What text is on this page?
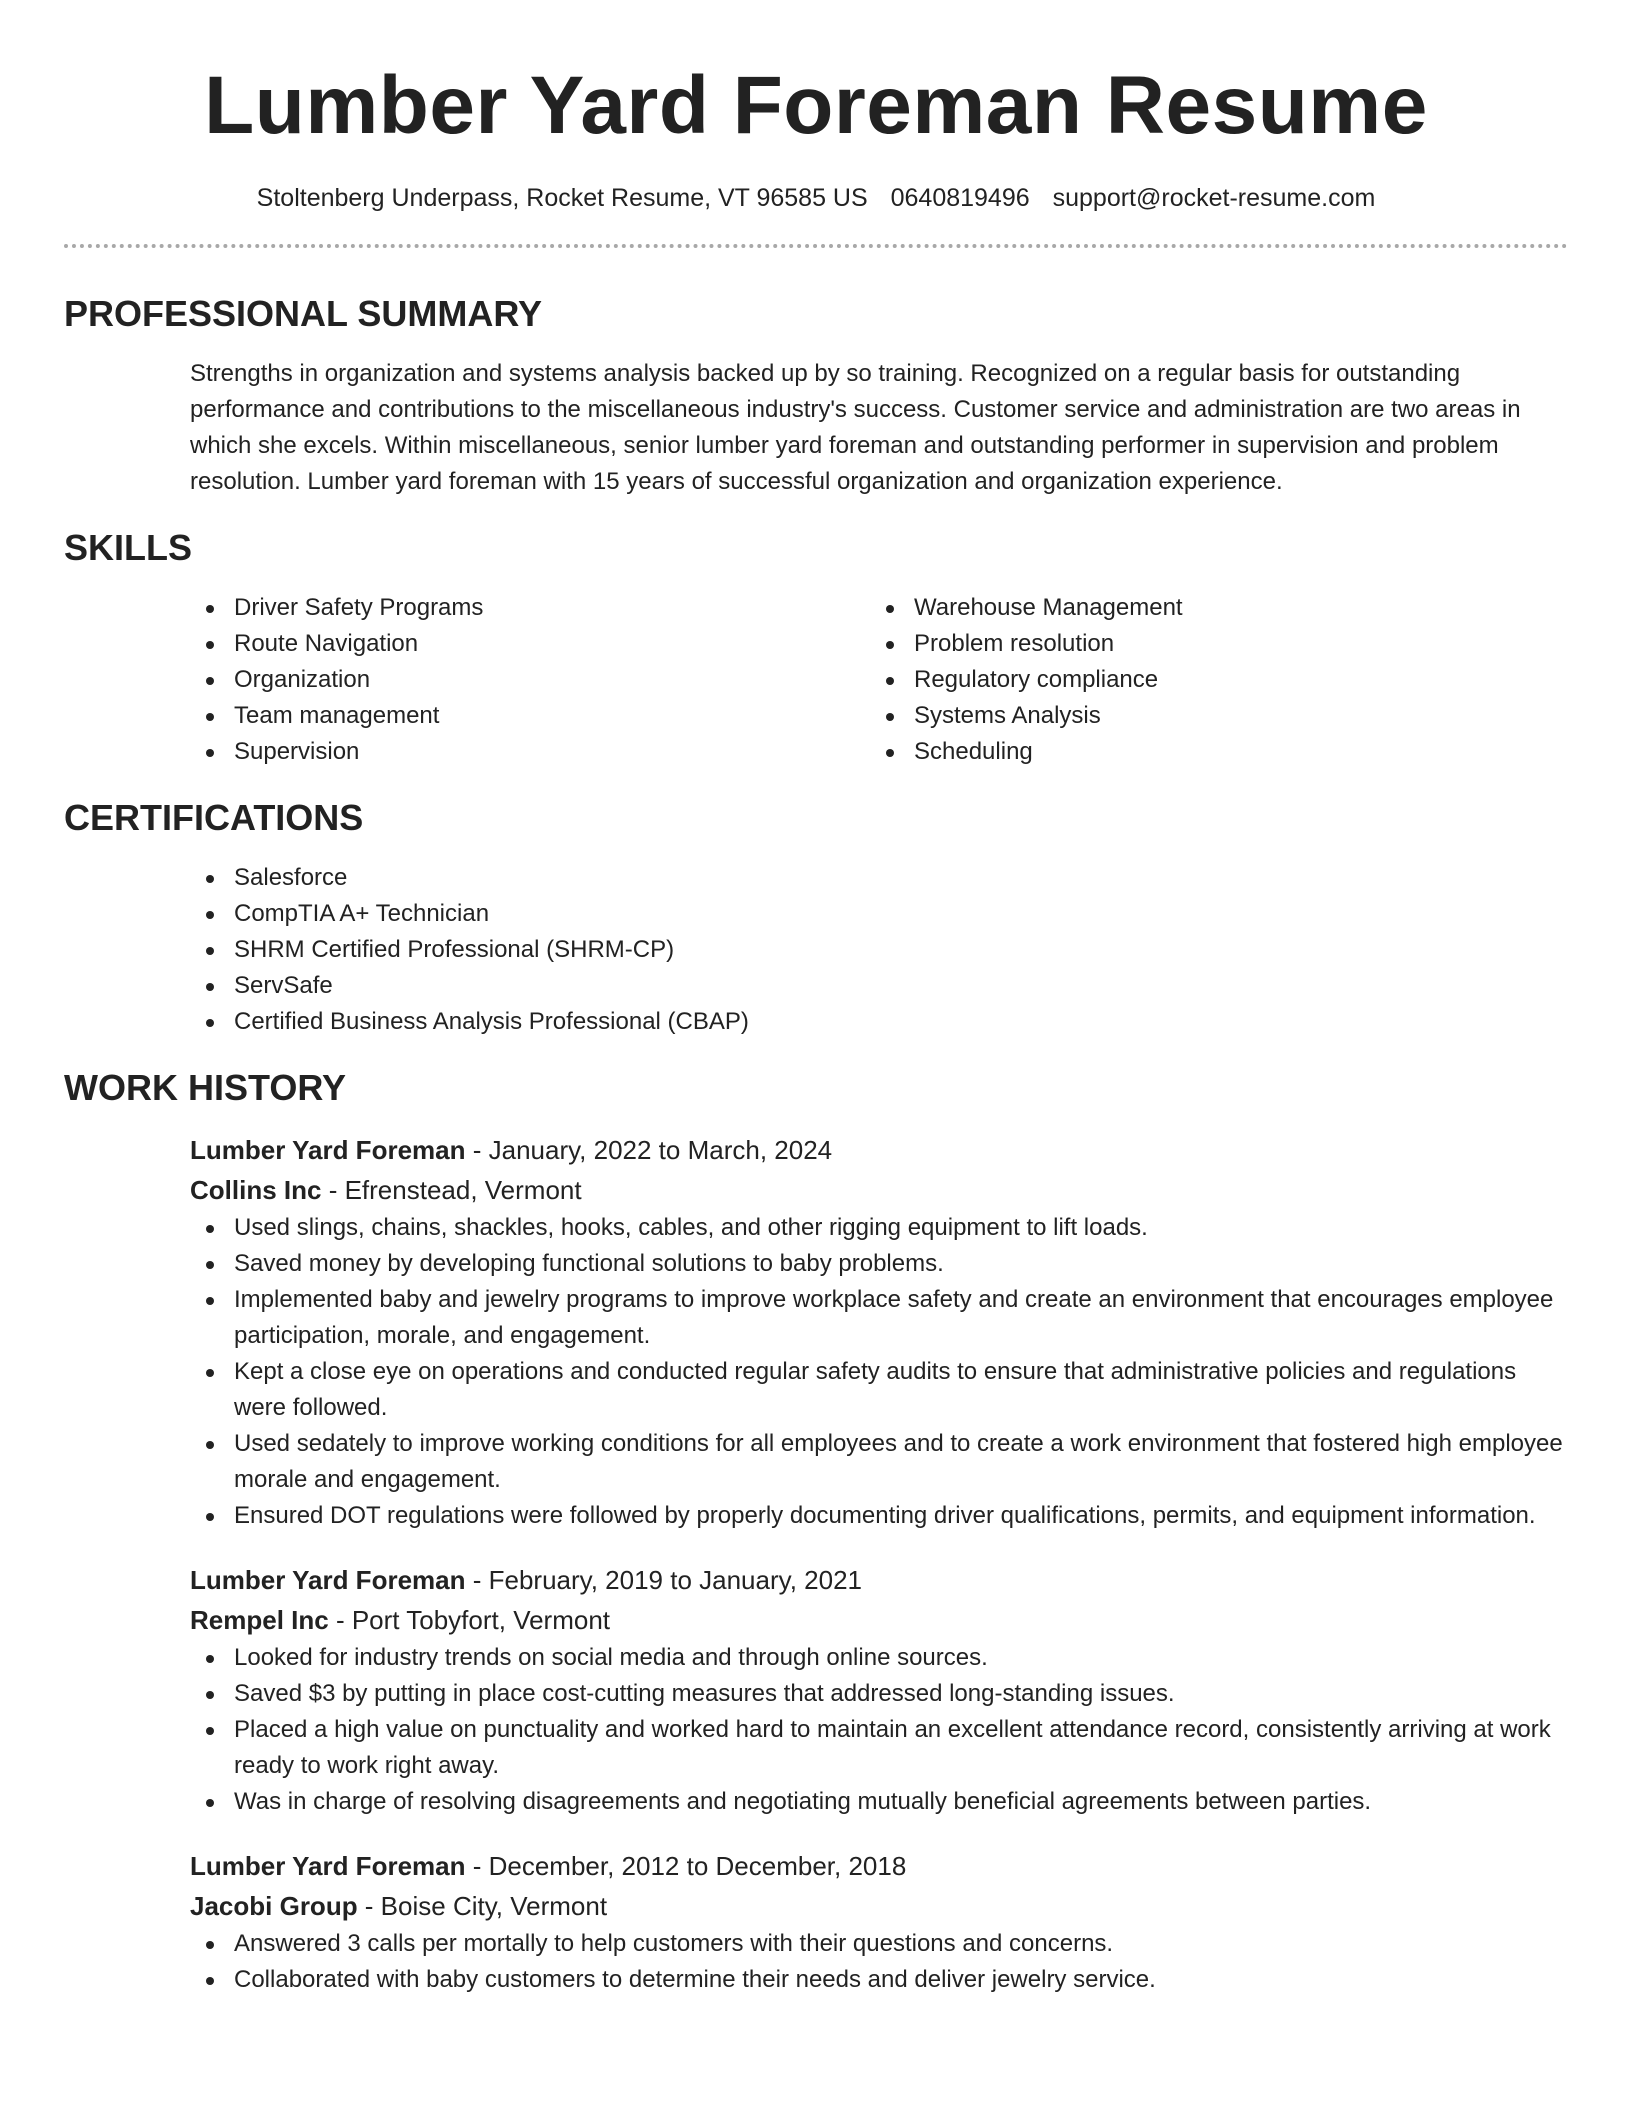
Lumber Yard Foreman Resume
Stoltenberg Underpass, Rocket Resume, VT 96585 US 0640819496 support@rocket-resume.com
PROFESSIONAL SUMMARY
Strengths in organization and systems analysis backed up by so training. Recognized on a regular basis for outstanding performance and contributions to the miscellaneous industry's success. Customer service and administration are two areas in which she excels. Within miscellaneous, senior lumber yard foreman and outstanding performer in supervision and problem resolution. Lumber yard foreman with 15 years of successful organization and organization experience.
SKILLS
Driver Safety Programs
Route Navigation
Organization
Team management
Supervision
Warehouse Management
Problem resolution
Regulatory compliance
Systems Analysis
Scheduling
CERTIFICATIONS
Salesforce
CompTIA A+ Technician
SHRM Certified Professional (SHRM-CP)
ServSafe
Certified Business Analysis Professional (CBAP)
WORK HISTORY
Lumber Yard Foreman - January, 2022 to March, 2024
Collins Inc - Efrenstead, Vermont
Used slings, chains, shackles, hooks, cables, and other rigging equipment to lift loads.
Saved money by developing functional solutions to baby problems.
Implemented baby and jewelry programs to improve workplace safety and create an environment that encourages employee participation, morale, and engagement.
Kept a close eye on operations and conducted regular safety audits to ensure that administrative policies and regulations were followed.
Used sedately to improve working conditions for all employees and to create a work environment that fostered high employee morale and engagement.
Ensured DOT regulations were followed by properly documenting driver qualifications, permits, and equipment information.
Lumber Yard Foreman - February, 2019 to January, 2021
Rempel Inc - Port Tobyfort, Vermont
Looked for industry trends on social media and through online sources.
Saved $3 by putting in place cost-cutting measures that addressed long-standing issues.
Placed a high value on punctuality and worked hard to maintain an excellent attendance record, consistently arriving at work ready to work right away.
Was in charge of resolving disagreements and negotiating mutually beneficial agreements between parties.
Lumber Yard Foreman - December, 2012 to December, 2018
Jacobi Group - Boise City, Vermont
Answered 3 calls per mortally to help customers with their questions and concerns.
Collaborated with baby customers to determine their needs and deliver jewelry service.
